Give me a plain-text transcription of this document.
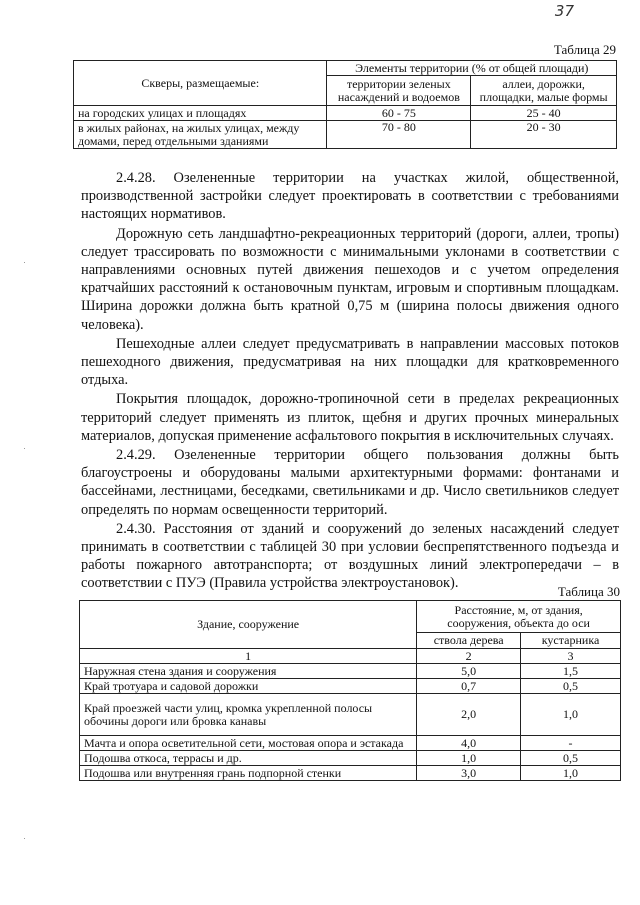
37
Таблица 29
Скверы, размещаемые:	Элементы территории (% от общей площади)	
	территории зеленых насаждений и водоемов	аллеи, дорожки, площадки, малые формы
на городских улицах и площадях	60 - 75	25 - 40
в жилых районах, на жилых улицах, между домами, перед отдельными зданиями	70 - 80	20 - 30

2.4.28. Озелененные территории на участках жилой, общественной, производственной застройки следует проектировать в соответствии с требованиями настоящих нормативов.

Дорожную сеть ландшафтно-рекреационных территорий (дороги, аллеи, тропы) следует трассировать по возможности с минимальными уклонами в соответствии с направлениями основных путей движения пешеходов и с учетом определения кратчайших расстояний к остановочным пунктам, игровым и спортивным площадкам. Ширина дорожки должна быть кратной 0,75 м (ширина полосы движения одного человека).

Пешеходные аллеи следует предусматривать в направлении массовых потоков пешеходного движения, предусматривая на них площадки для кратковременного отдыха.

Покрытия площадок, дорожно-тропиночной сети в пределах рекреационных территорий следует применять из плиток, щебня и других прочных минеральных материалов, допуская применение асфальтового покрытия в исключительных случаях.

2.4.29. Озелененные территории общего пользования должны быть благоустроены и оборудованы малыми архитектурными формами: фонтанами и бассейнами, лестницами, беседками, светильниками и др. Число светильников следует определять по нормам освещенности территорий.

2.4.30. Расстояния от зданий и сооружений до зеленых насаждений следует принимать в соответствии с таблицей 30 при условии беспрепятственного подъезда и работы пожарного автотранспорта; от воздушных линий электропередачи – в соответствии с ПУЭ (Правила устройства электроустановок).

Таблица 30
Здание, сооружение	Расстояние, м, от здания, сооружения, объекта до оси	
	ствола дерева	кустарника
1	2	3
Наружная стена здания и сооружения	5,0	1,5
Край тротуара и садовой дорожки	0,7	0,5
Край проезжей части улиц, кромка укрепленной полосы обочины дороги или бровка канавы	2,0	1,0
Мачта и опора осветительной сети, мостовая опора и эстакада	4,0	-
Подошва откоса, террасы и др.	1,0	0,5
Подошва или внутренняя грань подпорной стенки	3,0	1,0
